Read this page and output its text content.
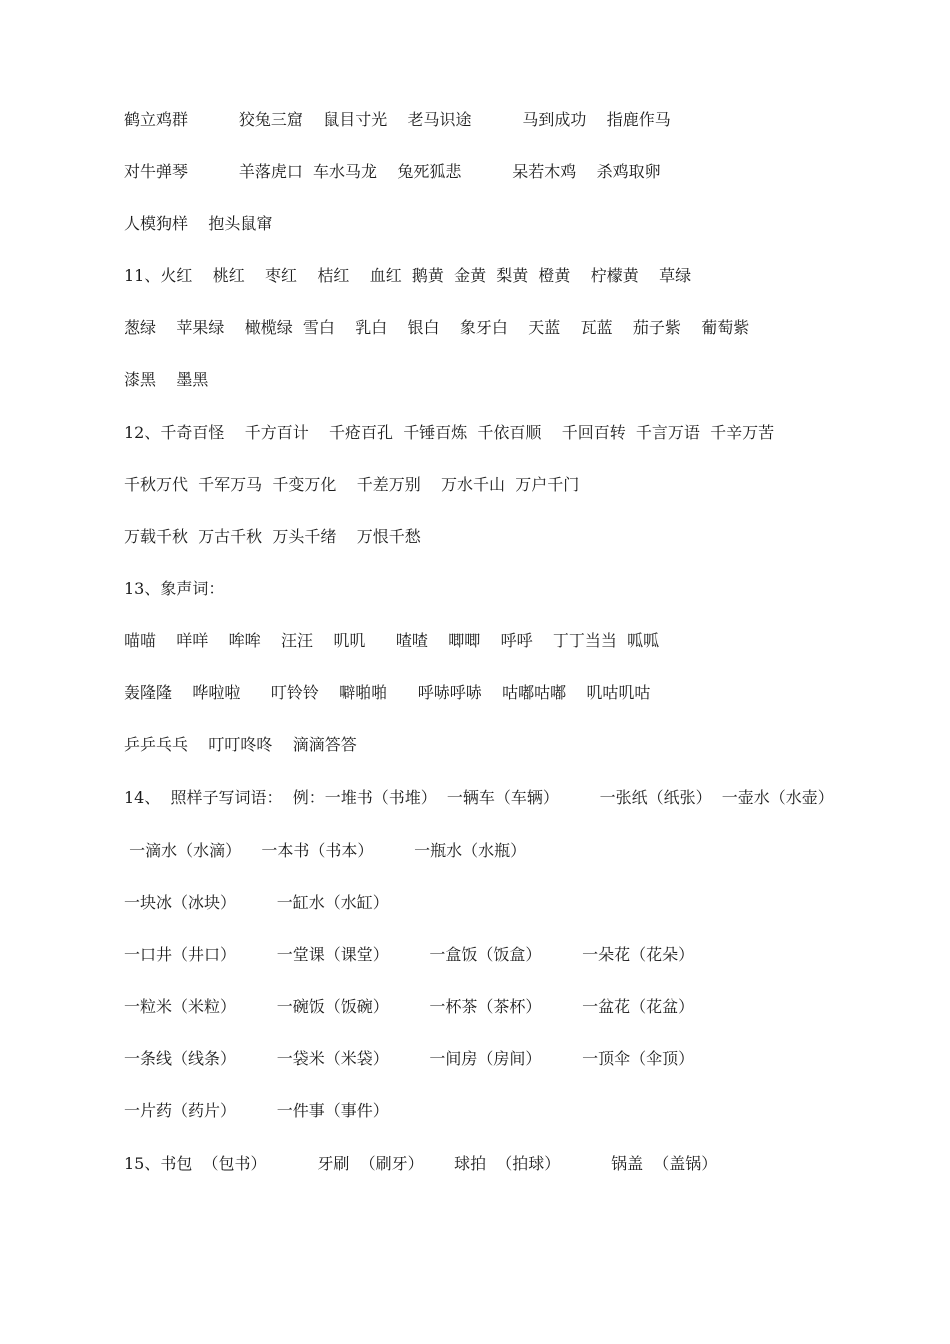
鹤立鸡群          狡兔三窟    鼠目寸光    老马识途          马到成功    指鹿作马
对牛弹琴          羊落虎口  车水马龙    兔死狐悲          呆若木鸡    杀鸡取卵
人模狗样    抱头鼠窜
11、火红    桃红    枣红    桔红    血红  鹅黄  金黄  梨黄  橙黄    柠檬黄    草绿
葱绿    苹果绿    橄榄绿  雪白    乳白    银白    象牙白    天蓝    瓦蓝    茄子紫    葡萄紫
漆黑    墨黑
12、千奇百怪    千方百计    千疮百孔  千锤百炼  千依百顺    千回百转  千言万语  千辛万苦
千秋万代  千军万马  千变万化    千差万别    万水千山  万户千门
万载千秋  万古千秋  万头千绪    万恨千愁
13、象声词：
喵喵    咩咩    哞哞    汪汪    叽叽      喳喳    唧唧    呼呼    丁丁当当  呱呱
轰隆隆    哗啦啦      叮铃铃    噼啪啪      呼哧呼哧    咕嘟咕嘟    叽咕叽咕
乒乒乓乓    叮叮咚咚    滴滴答答
14、  照样子写词语：  例：一堆书（书堆）  一辆车（车辆）        一张纸（纸张）  一壶水（水壶）
一滴水（水滴）    一本书（书本）        一瓶水（水瓶）
一块冰（冰块）        一缸水（水缸）
一口井（井口）        一堂课（课堂）        一盒饭（饭盒）        一朵花（花朵）
一粒米（米粒）        一碗饭（饭碗）        一杯茶（茶杯）        一盆花（花盆）
一条线（线条）        一袋米（米袋）        一间房（房间）        一顶伞（伞顶）
一片药（药片）        一件事（事件）
15、书包  （包书）          牙刷  （刷牙）      球拍  （拍球）          锅盖  （盖锅）
